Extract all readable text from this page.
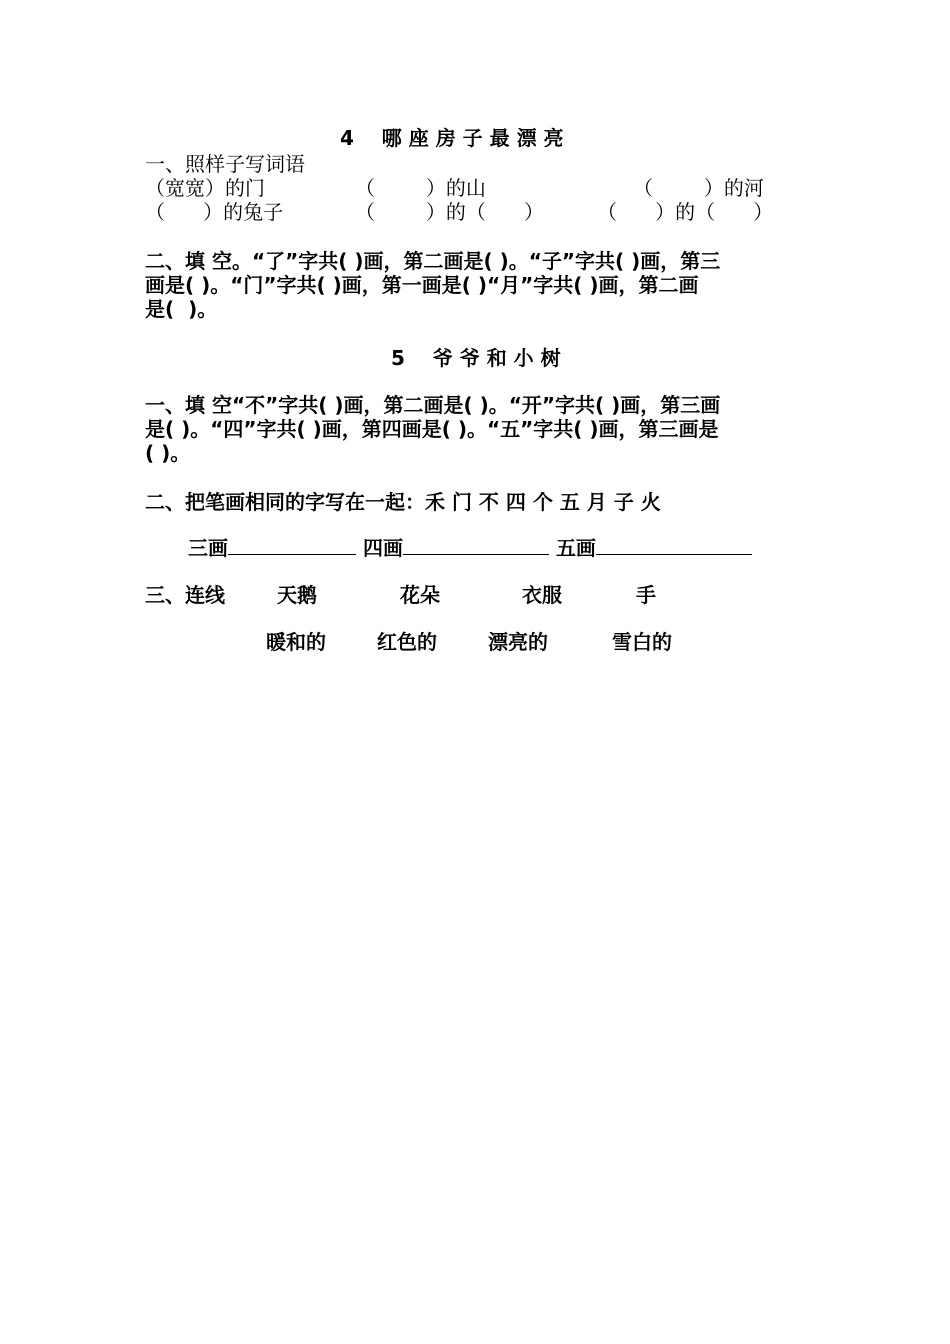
4    哪 座 房 子 最 漂 亮
一、照样子写词语
（宽宽）的门	（        ）的山	（        ）的河
（      ）的兔子	（        ）的（      ）	（      ）的（      ）
二、填 空。“了”字共( )画，第二画是( )。“子”字共( )画，第三
画是( )。“门”字共( )画，第一画是( )“月”字共( )画，第二画
是(  )。
5    爷 爷 和 小 树
一、填 空“不”字共( )画，第二画是( )。“开”字共( )画，第三画
是( )。“四”字共( )画，第四画是( )。“五”字共( )画，第三画是
( )。
二、把笔画相同的字写在一起：禾 门 不 四 个 五 月 子 火
三画	四画	五画
三、连线	天鹅	花朵	衣服	手
暖和的	红色的	漂亮的	雪白的
